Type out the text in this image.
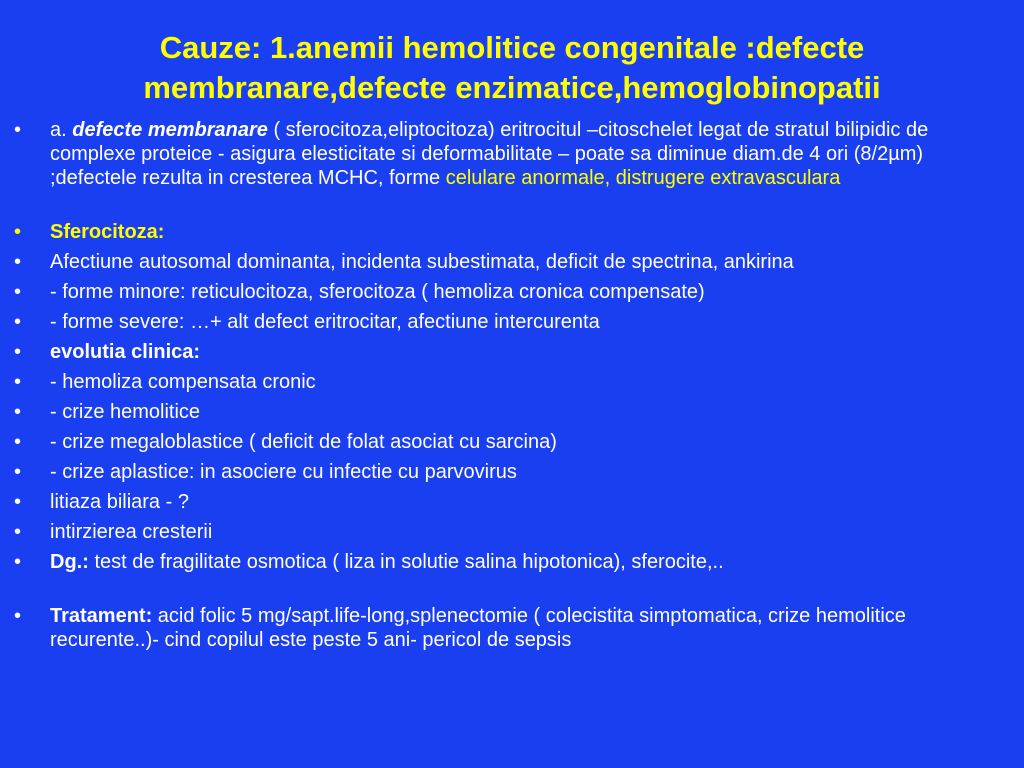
Cauze: 1.anemii hemolitice congenitale :defecte
membranare,defecte enzimatice,hemoglobinopatii
•	a. defecte membranare ( sferocitoza,eliptocitoza) eritrocitul –citoschelet legat de stratul bilipidic de complexe proteice - asigura elesticitate si deformabilitate – poate sa diminue diam.de 4 ori (8/2µm) ;defectele rezulta in cresterea MCHC, forme celulare anormale, distrugere extravasculara
•	Sferocitoza:
•	Afectiune autosomal dominanta, incidenta subestimata, deficit de spectrina, ankirina
•	- forme minore: reticulocitoza, sferocitoza ( hemoliza cronica compensate)
•	- forme severe: …+ alt defect eritrocitar, afectiune intercurenta
•	evolutia clinica:
•	- hemoliza compensata cronic
•	- crize hemolitice
•	- crize megaloblastice ( deficit de folat asociat cu sarcina)
•	- crize aplastice: in asociere cu infectie cu parvovirus
•	litiaza biliara - ?
•	intirzierea cresterii
•	Dg.: test de fragilitate osmotica ( liza in solutie salina hipotonica), sferocite,..
•	Tratament: acid folic 5 mg/sapt.life-long,splenectomie ( colecistita simptomatica, crize hemolitice recurente..)- cind copilul este peste 5 ani- pericol de sepsis
